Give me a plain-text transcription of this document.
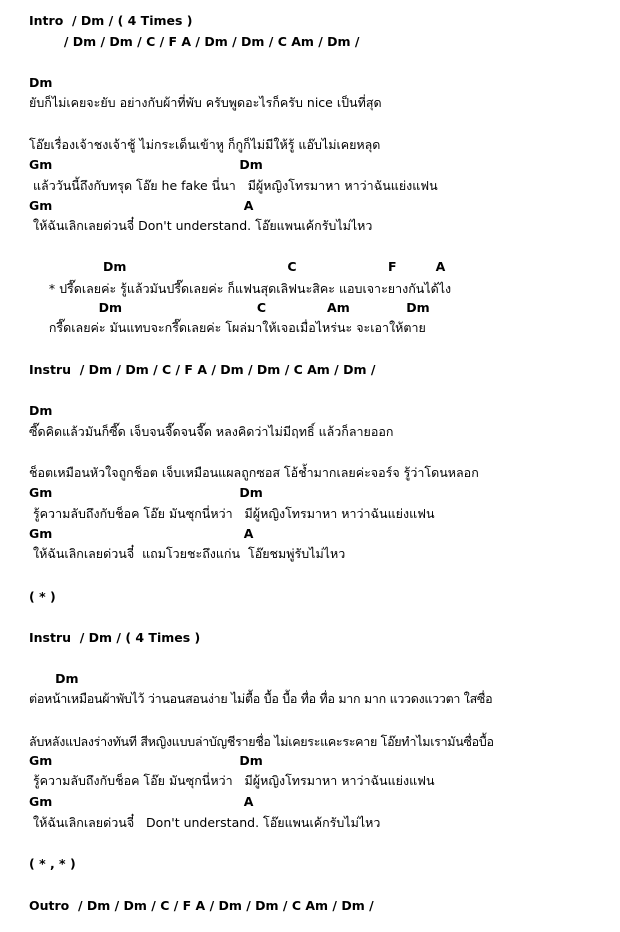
Intro  / Dm / ( 4 Times )
/ Dm / Dm / C / F A / Dm / Dm / C Am / Dm /
Dm
ยับก็ไม่เคยจะยับ อย่างกับผ้าที่พับ ครับพูดอะไรก็ครับ nice เป็นที่สุด
โอ๊ยเรื่องเจ้าชงเจ้าชู้ ไม่กระเด็นเข้าหู ก็กูก็ไม่มีให้รู้ แอ๊บไม่เคยหลุด
Gm                                           Dm
แล้ววันนี้ถึงกับทรุด โอ๊ย he fake นี่นา   มีผู้หญิงโทรมาหา หาว่าฉันแย่งแฟน
Gm                                            A
ให้ฉันเลิกเลยด่วนจี๋ Don't understand. โอ๊ยแพนเค้กรับไม่ไหว
Dm                                     C                     F         A
* ปรี๊ดเลยค่ะ รู้แล้วมันปรี๊ดเลยค่ะ ก็แฟนสุดเลิฟนะสิคะ แอบเจาะยางกันได้ไง
Dm                               C              Am             Dm
กรี๊ดเลยค่ะ มันแทบจะกรี๊ดเลยค่ะ โผล่มาให้เจอเมื่อไหร่นะ จะเอาให้ตาย
Instru  / Dm / Dm / C / F A / Dm / Dm / C Am / Dm /
Dm
ซี๊ดคิดแล้วมันก็ซี๊ด เจ็บจนจี๊ดจนจี๊ด หลงคิดว่าไม่มีฤทธิ์ แล้วก็ลายออก
ช็อตเหมือนหัวใจถูกช็อต เจ็บเหมือนแผลถูกซอส โอ้ช้ำมากเลยค่ะจอร์จ รู้ว่าโดนหลอก
Gm                                           Dm
รู้ความลับถึงกับช็อค โอ๊ย มันซุกนี่หว่า   มีผู้หญิงโทรมาหา หาว่าฉันแย่งแฟน
Gm                                            A
ให้ฉันเลิกเลยด่วนจี๋  แถมโวยชะถึงแก่น  โอ๊ยชมพู่รับไม่ไหว
( * )
Instru  / Dm / ( 4 Times )
Dm
ต่อหน้าเหมือนผ้าพับไว้ ว่านอนสอนง่าย ไม่ตื้อ บื้อ บื้อ ทื่อ ทื่อ มาก มาก แววดงแววตา ใสซื่อ
ลับหลังแปลงร่างทันที สีหญิงแบบล่าบัญชีรายชื่อ ไม่เคยระแคะระคาย โอ๊ยทำไมเรามันซื่อบื้อ
Gm                                           Dm
รู้ความลับถึงกับช็อค โอ๊ย มันซุกนี่หว่า   มีผู้หญิงโทรมาหา หาว่าฉันแย่งแฟน
Gm                                            A
ให้ฉันเลิกเลยด่วนจี๋   Don't understand. โอ๊ยแพนเค้กรับไม่ไหว
( * , * )
Outro  / Dm / Dm / C / F A / Dm / Dm / C Am / Dm /
